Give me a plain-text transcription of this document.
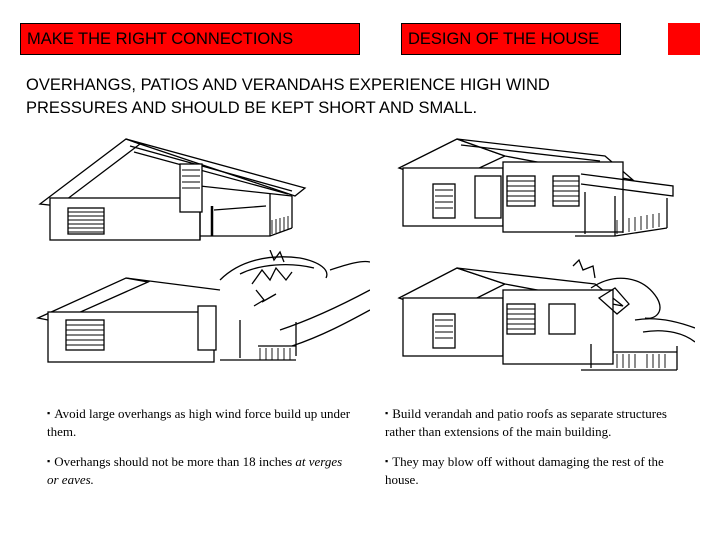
MAKE THE RIGHT CONNECTIONS	DESIGN OF THE HOUSE
OVERHANGS, PATIOS AND VERANDAHS EXPERIENCE HIGH WIND
PRESSURES AND SHOULD BE KEPT SHORT AND SMALL.

▪ Avoid large overhangs as high wind force build up under them.

▪ Overhangs should not be more than 18 inches at verges or eaves.

▪ Build verandah and patio roofs as separate structures rather than extensions of the main building.

▪ They may blow off without damaging the rest of the house.
